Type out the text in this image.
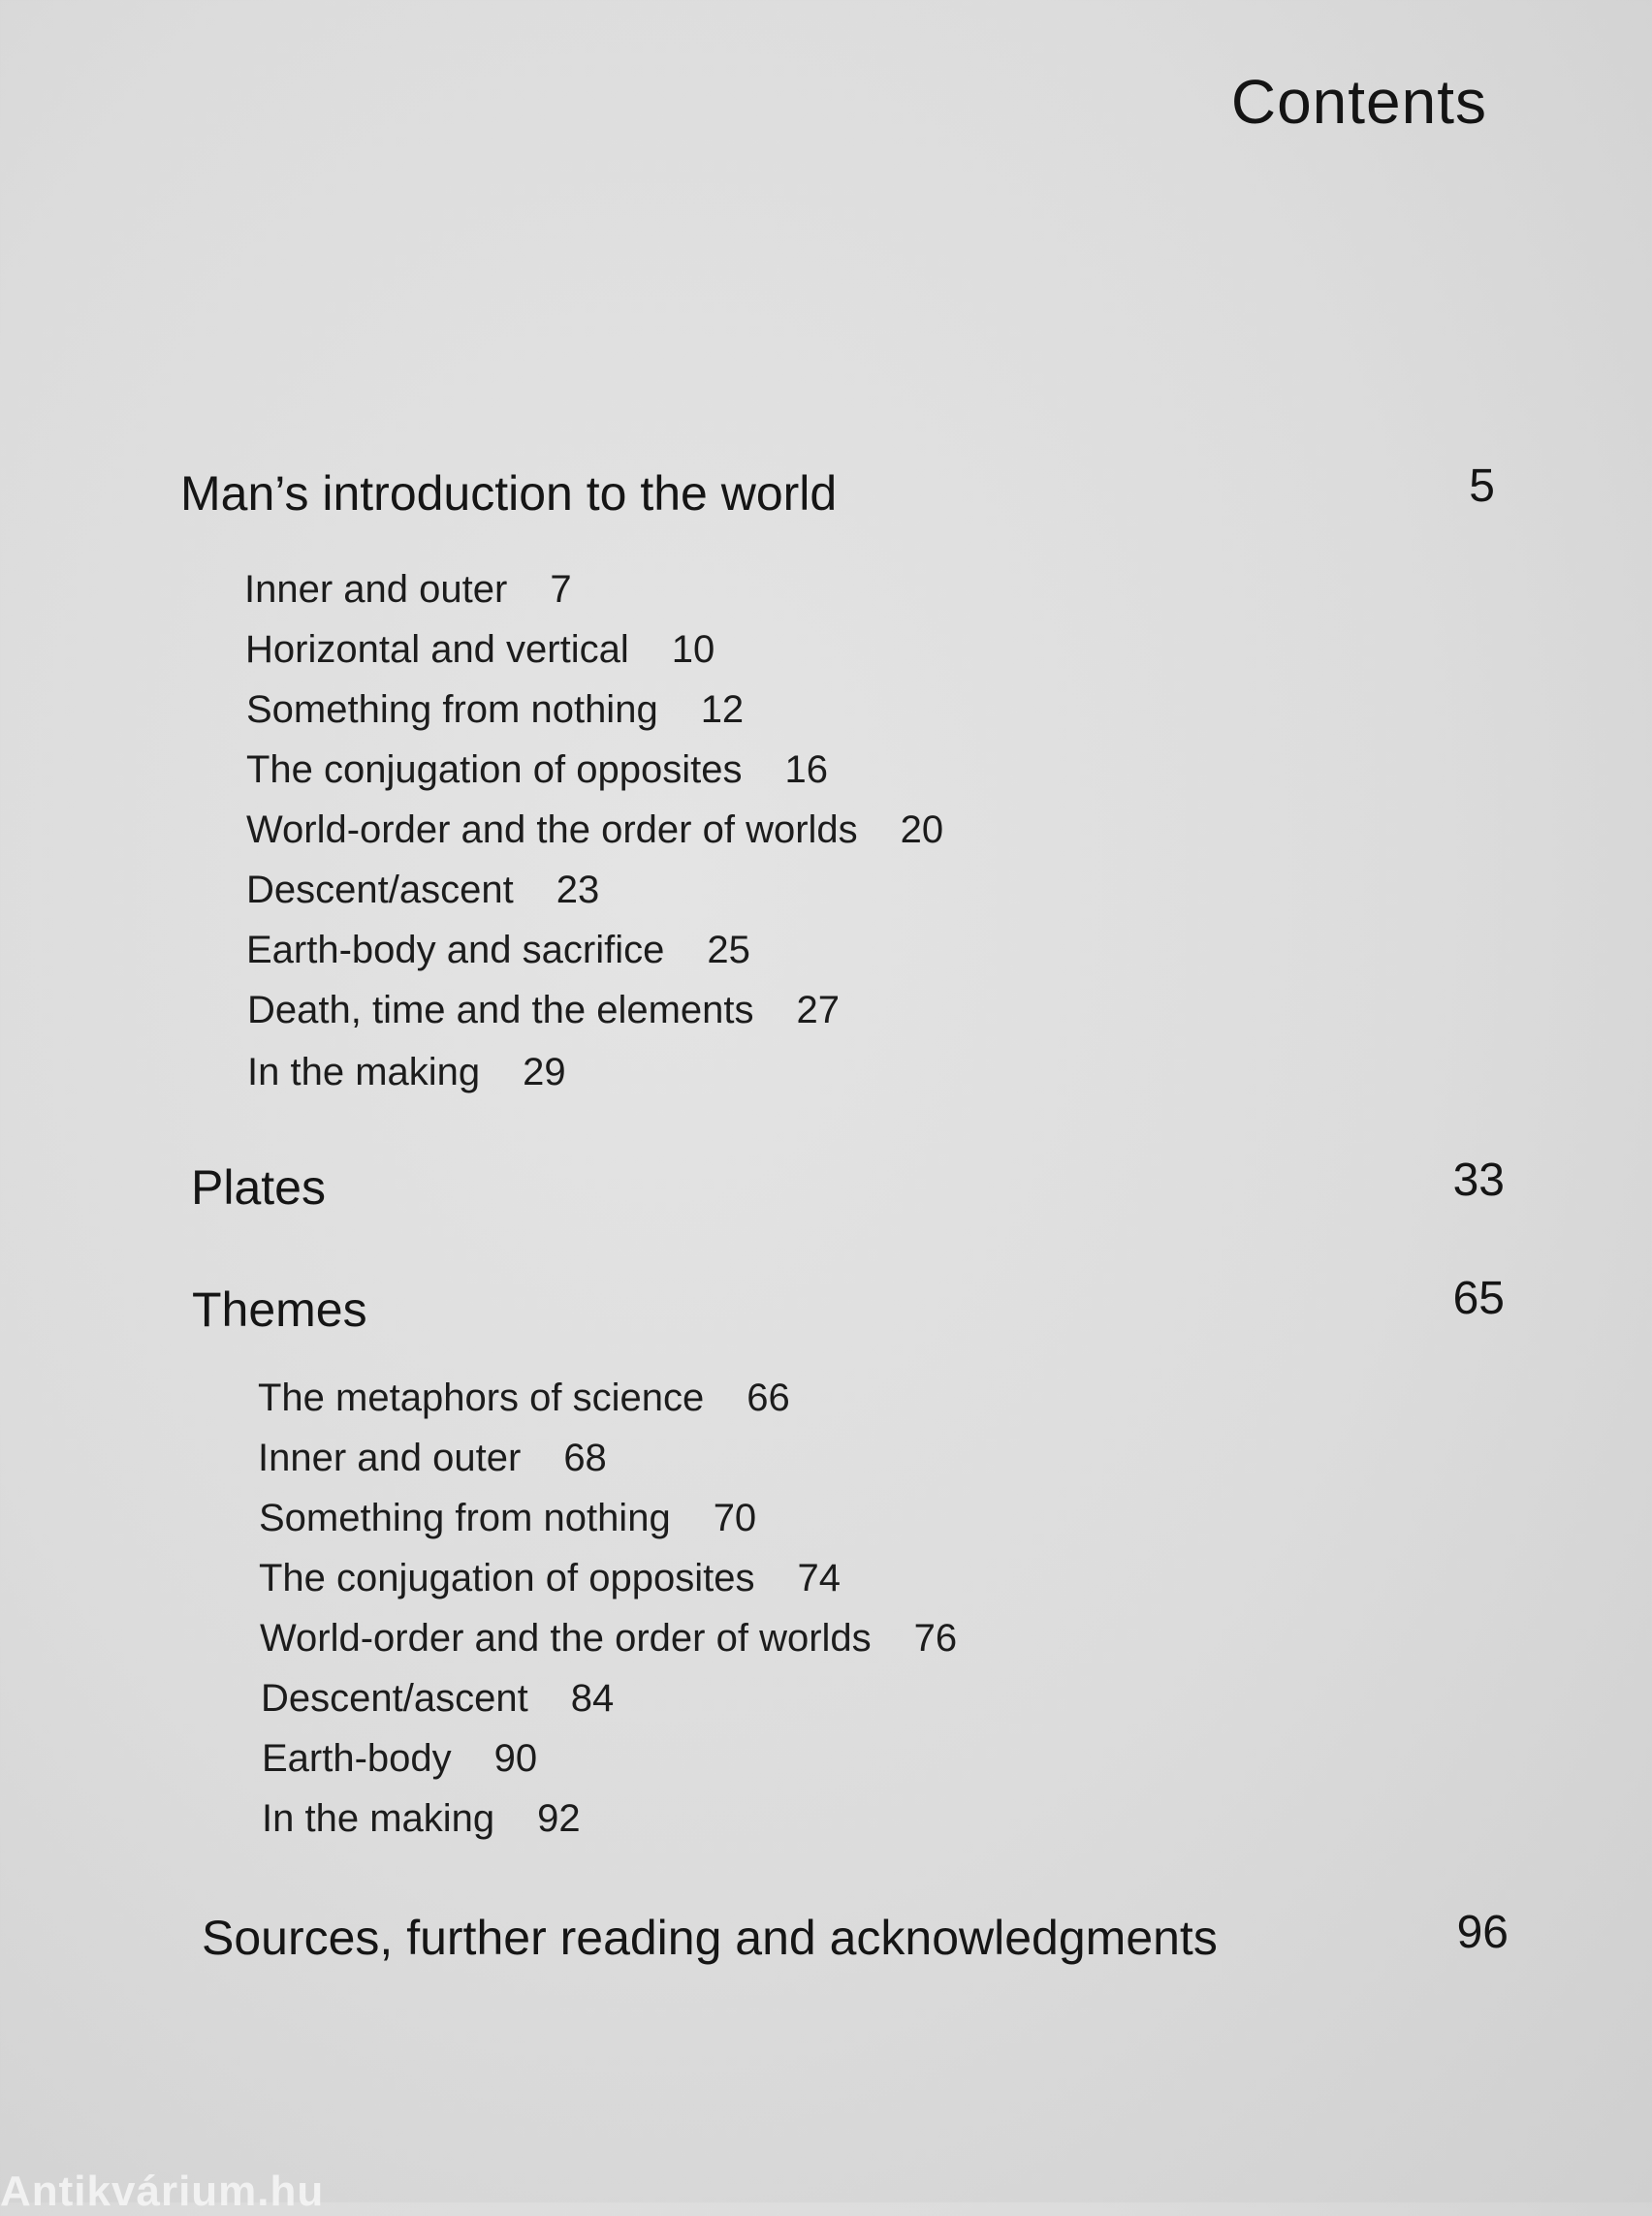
Contents
Man’s introduction to the world	5
Inner and outer 7
Horizontal and vertical 10
Something from nothing 12
The conjugation of opposites 16
World-order and the order of worlds 20
Descent/ascent 23
Earth-body and sacrifice 25
Death, time and the elements 27
In the making 29
Plates	33
Themes	65
The metaphors of science 66
Inner and outer 68
Something from nothing 70
The conjugation of opposites 74
World-order and the order of worlds 76
Descent/ascent 84
Earth-body 90
In the making 92
Sources, further reading and acknowledgments	96
Antikvárium.hu
